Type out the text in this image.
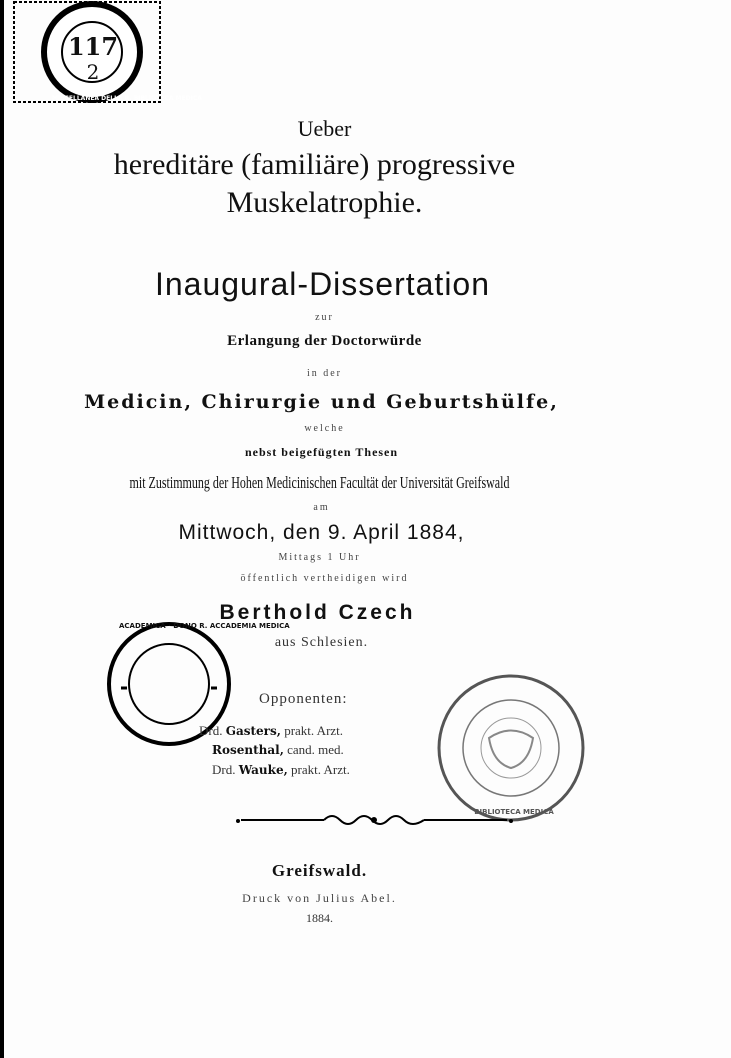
117
2
MISCELLANEA DELLA R. BIBLIOTECA MEDICA
Ueber
hereditäre (familiäre) progressive
Muskelatrophie.
Inaugural-Dissertation
zur
Erlangung der Doctorwürde
in der
Medicin, Chirurgie und Geburtshülfe,
welche
nebst beigefügten Thesen
mit Zustimmung der Hohen Medicinischen Facultät der Universität Greifswald
am
Mittwoch, den 9. April 1884,
Mittags 1 Uhr
öffentlich vertheidigen wird
Berthold Czech
aus Schlesien.
ACADEMICA · DONO R. ACCADEMIA MEDICA
BIBLIOTECA MEDICA
Opponenten:
Drd. Gasters, prakt. Arzt.
Rosenthal, cand. med.
Drd. Wauke, prakt. Arzt.
Greifswald.
Druck von Julius Abel.
1884.
